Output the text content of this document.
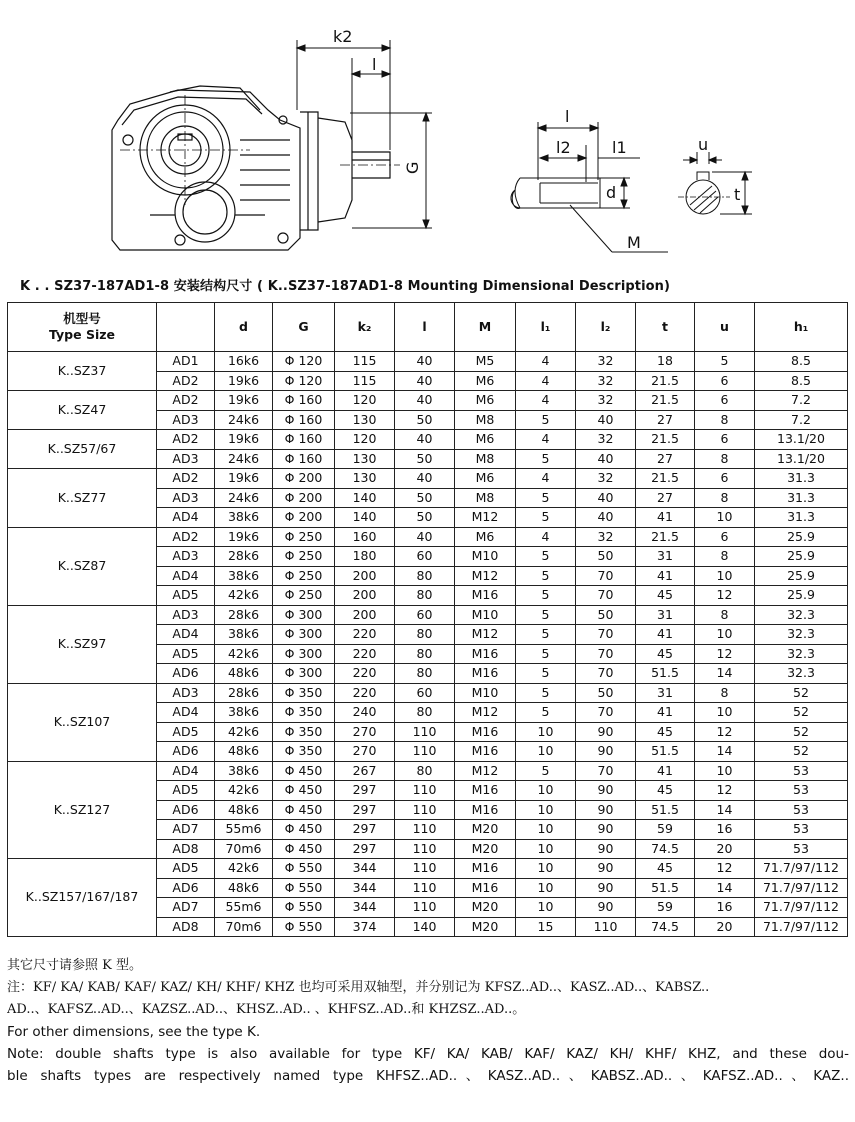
k2
l
G
l
l2	l1
d
M
u
t
K . . SZ37-187AD1-8 安装结构尺寸 ( K..SZ37-187AD1-8 Mounting Dimensional Description)
机型号
Type Size		d	G	k₂	l	M	l₁	l₂	t	u	h₁
K..SZ37	AD1	16k6	Φ 120	115	40	M5	4	32	18	5	8.5
	AD2	19k6	Φ 120	115	40	M6	4	32	21.5	6	8.5
K..SZ47	AD2	19k6	Φ 160	120	40	M6	4	32	21.5	6	7.2
	AD3	24k6	Φ 160	130	50	M8	5	40	27	8	7.2
K..SZ57/67	AD2	19k6	Φ 160	120	40	M6	4	32	21.5	6	13.1/20
	AD3	24k6	Φ 160	130	50	M8	5	40	27	8	13.1/20
K..SZ77	AD2	19k6	Φ 200	130	40	M6	4	32	21.5	6	31.3
	AD3	24k6	Φ 200	140	50	M8	5	40	27	8	31.3
	AD4	38k6	Φ 200	140	50	M12	5	40	41	10	31.3
K..SZ87	AD2	19k6	Φ 250	160	40	M6	4	32	21.5	6	25.9
	AD3	28k6	Φ 250	180	60	M10	5	50	31	8	25.9
	AD4	38k6	Φ 250	200	80	M12	5	70	41	10	25.9
	AD5	42k6	Φ 250	200	80	M16	5	70	45	12	25.9
K..SZ97	AD3	28k6	Φ 300	200	60	M10	5	50	31	8	32.3
	AD4	38k6	Φ 300	220	80	M12	5	70	41	10	32.3
	AD5	42k6	Φ 300	220	80	M16	5	70	45	12	32.3
	AD6	48k6	Φ 300	220	80	M16	5	70	51.5	14	32.3
K..SZ107	AD3	28k6	Φ 350	220	60	M10	5	50	31	8	52
	AD4	38k6	Φ 350	240	80	M12	5	70	41	10	52
	AD5	42k6	Φ 350	270	110	M16	10	90	45	12	52
	AD6	48k6	Φ 350	270	110	M16	10	90	51.5	14	52
K..SZ127	AD4	38k6	Φ 450	267	80	M12	5	70	41	10	53
	AD5	42k6	Φ 450	297	110	M16	10	90	45	12	53
	AD6	48k6	Φ 450	297	110	M16	10	90	51.5	14	53
	AD7	55m6	Φ 450	297	110	M20	10	90	59	16	53
	AD8	70m6	Φ 450	297	110	M20	10	90	74.5	20	53
K..SZ157/167/187	AD5	42k6	Φ 550	344	110	M16	10	90	45	12	71.7/97/112
	AD6	48k6	Φ 550	344	110	M16	10	90	51.5	14	71.7/97/112
	AD7	55m6	Φ 550	344	110	M20	10	90	59	16	71.7/97/112
	AD8	70m6	Φ 550	374	140	M20	15	110	74.5	20	71.7/97/112

其它尺寸请参照 K 型。

注：KF/ KA/ KAB/ KAF/ KAZ/ KH/ KHF/ KHZ 也均可采用双轴型，并分别记为 KFSZ..AD..、KASZ..AD..、KABSZ..

AD..、KAFSZ..AD..、KAZSZ..AD..、KHSZ..AD.. 、KHFSZ..AD..和 KHZSZ..AD..。

For other dimensions, see the type K.

Note: double shafts type is also available for type KF/ KA/ KAB/ KAF/ KAZ/ KH/ KHF/ KHZ, and these dou-

ble shafts types are respectively named type KHFSZ..AD..、KASZ..AD..、KABSZ..AD..、KAFSZ..AD..、KAZ..
